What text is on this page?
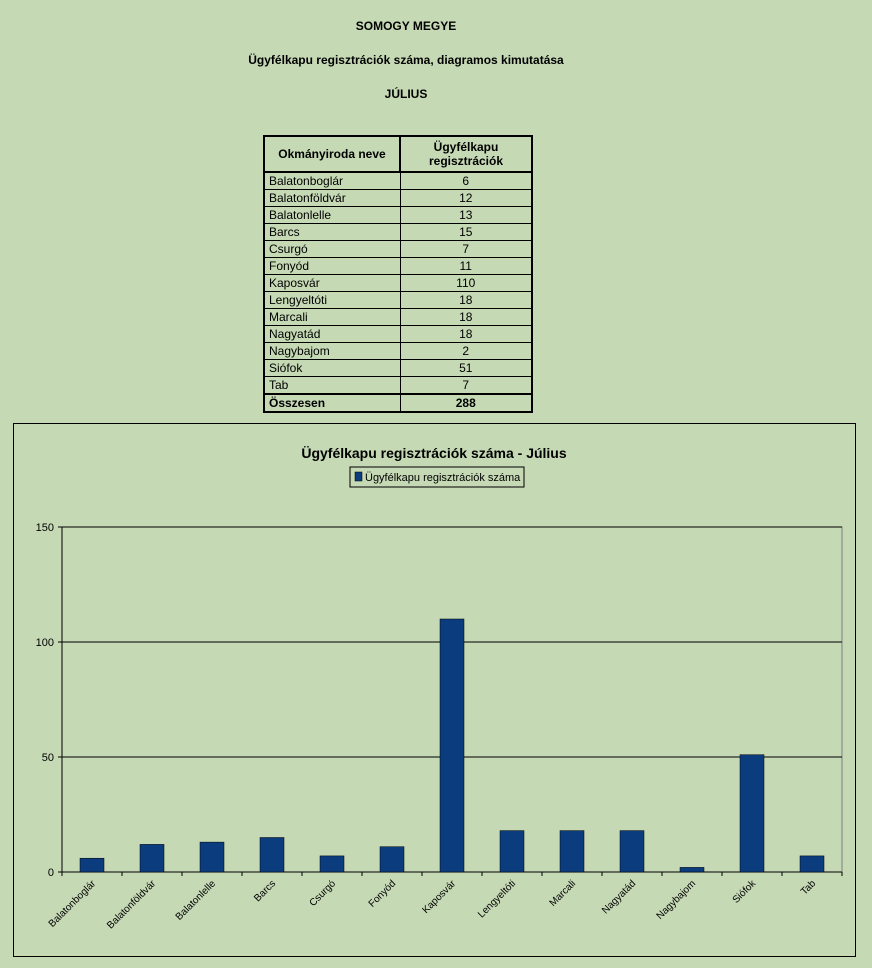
SOMOGY MEGYE
Ügyfélkapu regisztrációk száma, diagramos kimutatása
JÚLIUS
Okmányiroda neve	Ügyfélkapu
regisztrációk
Balatonboglár	6
Balatonföldvár	12
Balatonlelle	13
Barcs	15
Csurgó	7
Fonyód	11
Kaposvár	110
Lengyeltóti	18
Marcali	18
Nagyatád	18
Nagybajom	2
Siófok	51
Tab	7
Összesen	288
Ügyfélkapu regisztrációk száma - Július
Ügyfélkapu regisztrációk száma
0
50
100
150
Balatonboglár Balatonföldvár Balatonlelle	Barcs	Csurgó	Fonyód Kaposvár Lengyeltóti	Marcali Nagyatád Nagybajom	Siófok	Tab
